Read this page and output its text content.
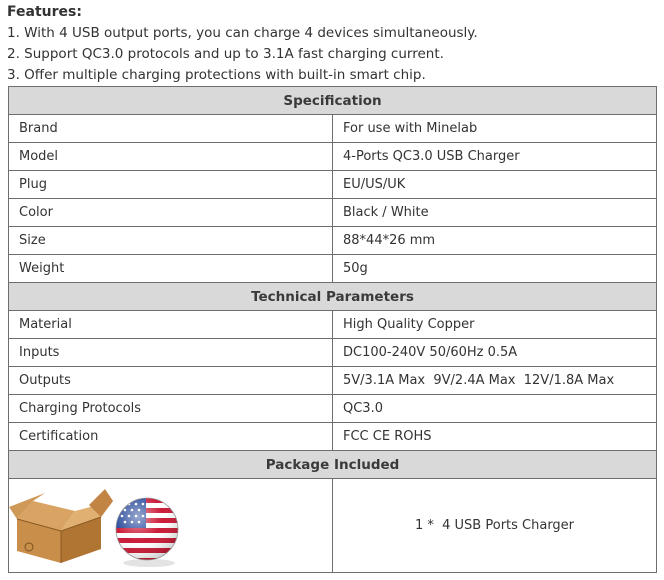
Features:
1. With 4 USB output ports, you can charge 4 devices simultaneously.
2. Support QC3.0 protocols and up to 3.1A fast charging current.
3. Offer multiple charging protections with built-in smart chip.
Specification	
Brand	For use with Minelab
Model	4-Ports QC3.0 USB Charger
Plug	EU/US/UK
Color	Black / White
Size	88*44*26 mm
Weight	50g
Technical Parameters	
Material	High Quality Copper
Inputs	DC100-240V 50/60Hz 0.5A
Outputs	5V/3.1A Max  9V/2.4A Max  12V/1.8A Max
Charging Protocols	QC3.0
Certification	FCC CE ROHS
Package Included	

	1 *  4 USB Ports Charger
